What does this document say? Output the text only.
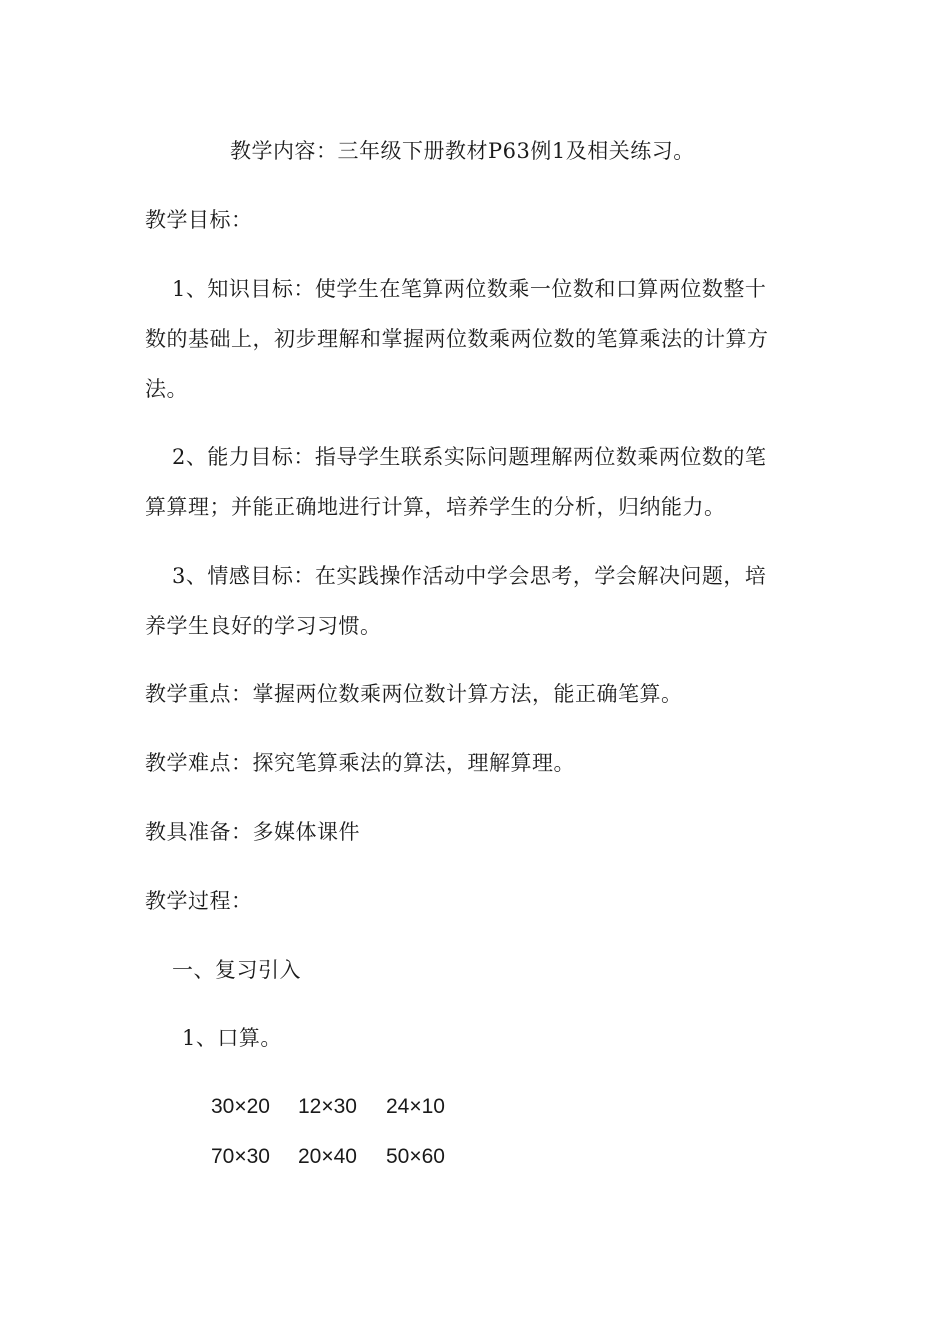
教学内容：三年级下册教材P63例1及相关练习。
教学目标：
1、知识目标：使学生在笔算两位数乘一位数和口算两位数整十
数的基础上，初步理解和掌握两位数乘两位数的笔算乘法的计算方
法。
2、能力目标：指导学生联系实际问题理解两位数乘两位数的笔
算算理；并能正确地进行计算，培养学生的分析，归纳能力。
3、情感目标：在实践操作活动中学会思考，学会解决问题，培
养学生良好的学习习惯。
教学重点：掌握两位数乘两位数计算方法，能正确笔算。
教学难点：探究笔算乘法的算法，理解算理。
教具准备：多媒体课件
教学过程：
一、复习引入
1、口算。
30×20 12×30 24×10
70×30 20×40 50×60
